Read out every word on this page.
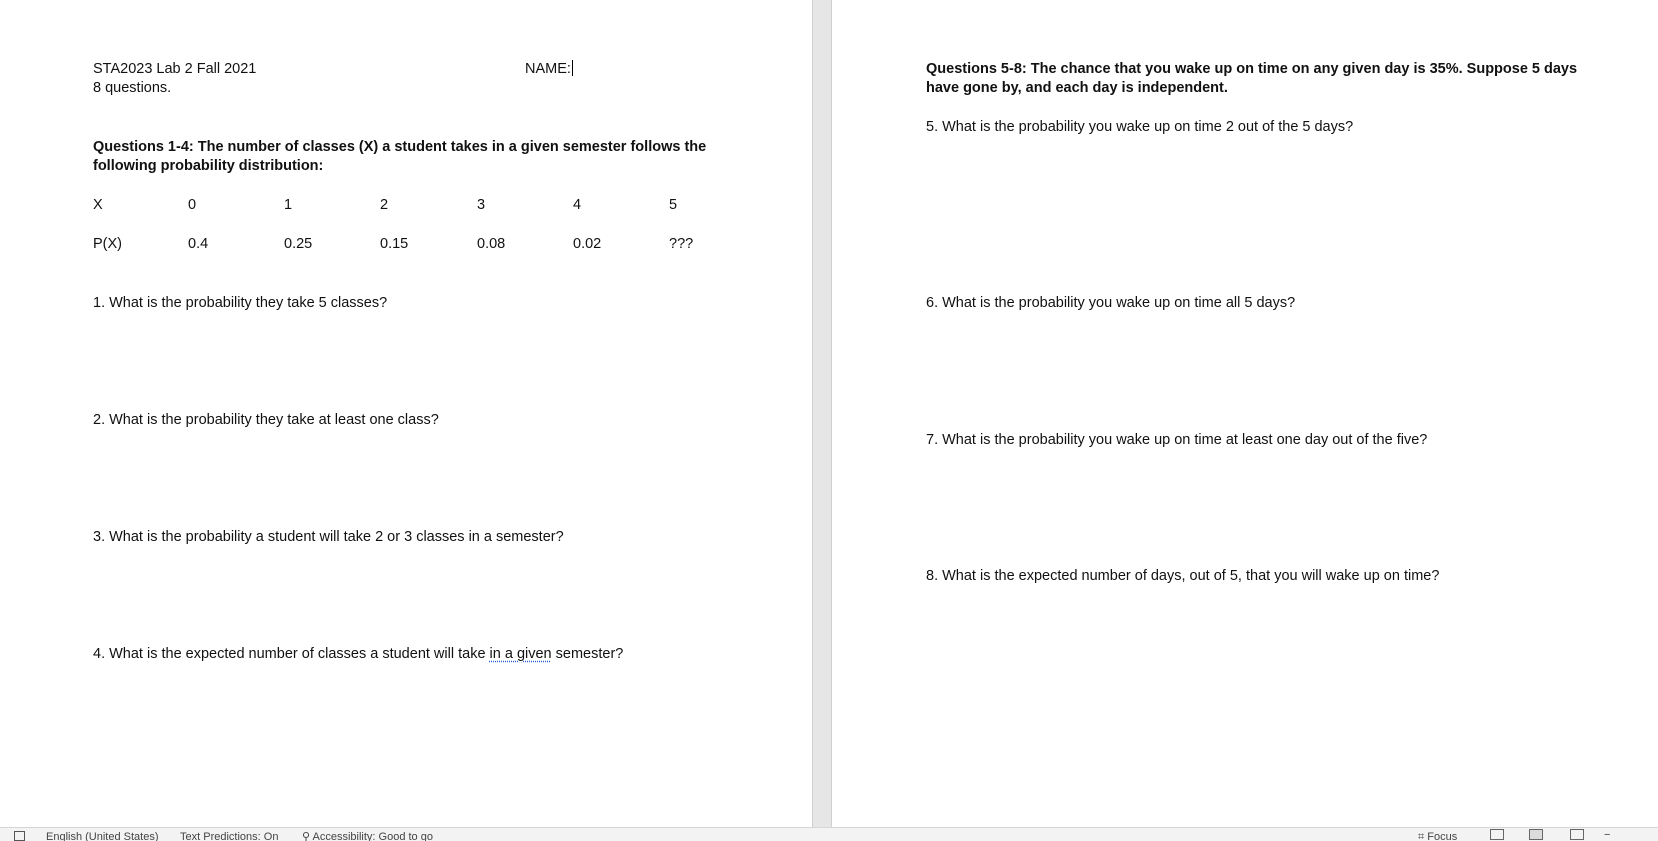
STA2023 Lab 2 Fall 2021
8 questions.
NAME:
Questions 1-4: The number of classes (X) a student takes in a given semester follows the
following probability distribution:
X	0	1	2	3	4	5
P(X)	0.4	0.25	0.15	0.08	0.02	???
1. What is the probability they take 5 classes?
2. What is the probability they take at least one class?
3. What is the probability a student will take 2 or 3 classes in a semester?
4. What is the expected number of classes a student will take in a given semester?
Questions 5-8: The chance that you wake up on time on any given day is 35%. Suppose 5 days
have gone by, and each day is independent.
5. What is the probability you wake up on time 2 out of the 5 days?
6. What is the probability you wake up on time all 5 days?
7. What is the probability you wake up on time at least one day out of the five?
8. What is the expected number of days, out of 5, that you will wake up on time?
English (United States) Text Predictions: On ⚲ Accessibility: Good to go	⌗ Focus	−
